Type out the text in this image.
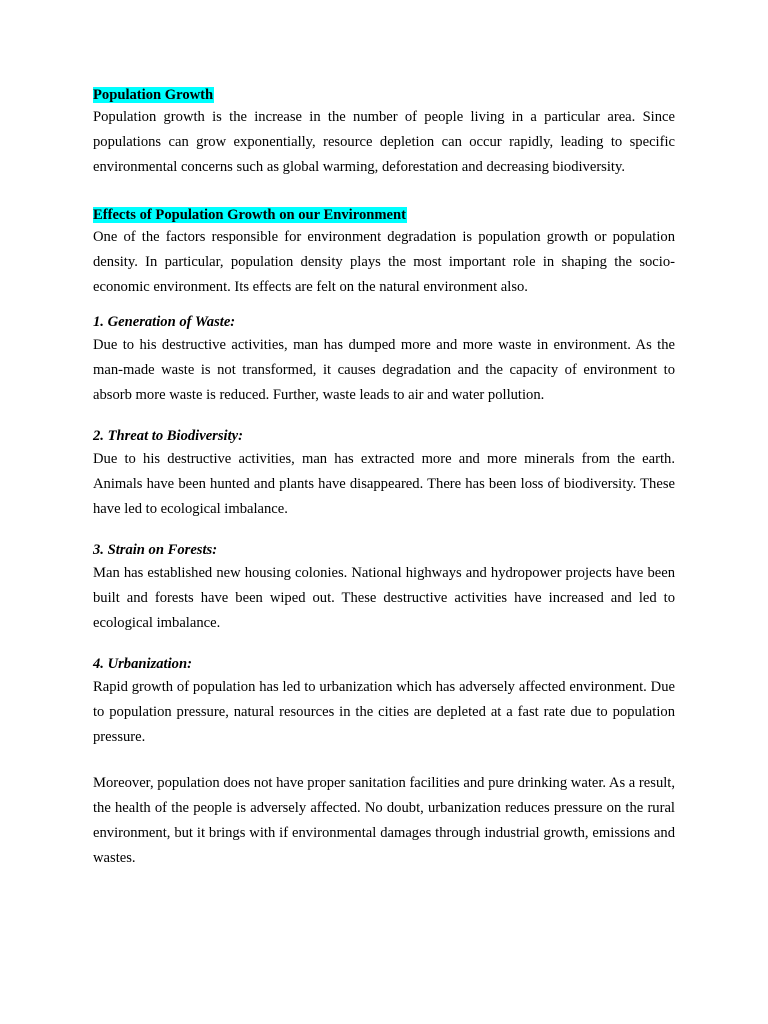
Population Growth

Population growth is the increase in the number of people living in a particular area. Since populations can grow exponentially, resource depletion can occur rapidly, leading to specific environmental concerns such as global warming, deforestation and decreasing biodiversity.

Effects of Population Growth on our Environment

One of the factors responsible for environment degradation is population growth or population density. In particular, population density plays the most important role in shaping the socio-economic environment. Its effects are felt on the natural environment also.

1. Generation of Waste:

Due to his destructive activities, man has dumped more and more waste in environment. As the man-made waste is not transformed, it causes degradation and the capacity of environment to absorb more waste is reduced. Further, waste leads to air and water pollution.

2. Threat to Biodiversity:

Due to his destructive activities, man has extracted more and more minerals from the earth. Animals have been hunted and plants have disappeared. There has been loss of biodiversity. These have led to ecological imbalance.

3. Strain on Forests:

Man has established new housing colonies. National highways and hydropower projects have been built and forests have been wiped out. These destructive activities have increased and led to ecological imbalance.

4. Urbanization:

Rapid growth of population has led to urbanization which has adversely affected environment. Due to population pressure, natural resources in the cities are depleted at a fast rate due to population pressure.

Moreover, population does not have proper sanitation facilities and pure drinking water. As a result, the health of the people is adversely affected. No doubt, urbanization reduces pressure on the rural environment, but it brings with if environmental damages through industrial growth, emissions and wastes.
